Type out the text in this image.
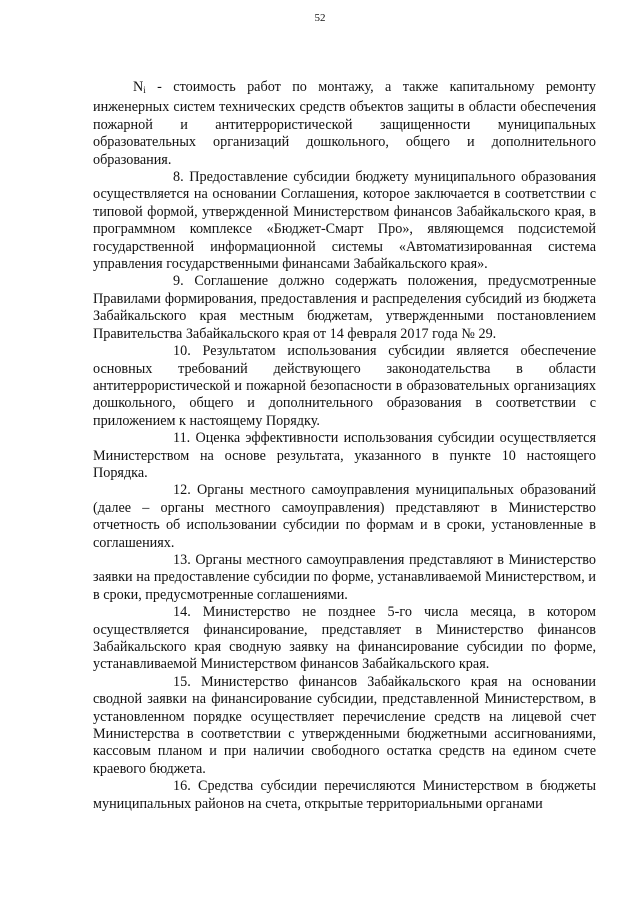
52

$N_i$ - стоимость работ по монтажу, а также капитальному ремонту инженерных систем технических средств объектов защиты в области обеспечения пожарной и антитеррористической защищенности муниципальных образовательных организаций дошкольного, общего и дополнительного образования.

8. Предоставление субсидии бюджету муниципального образования осуществляется на основании Соглашения, которое заключается в соответствии с типовой формой, утвержденной Министерством финансов Забайкальского края, в программном комплексе «Бюджет-Смарт Про», являющемся подсистемой государственной информационной системы «Автоматизированная система управления государственными финансами Забайкальского края».

9. Соглашение должно содержать положения, предусмотренные Правилами формирования, предоставления и распределения субсидий из бюджета Забайкальского края местным бюджетам, утвержденными постановлением Правительства Забайкальского края от 14 февраля 2017 года № 29.

10. Результатом использования субсидии является обеспечение основных требований действующего законодательства в области антитеррористической и пожарной безопасности в образовательных организациях дошкольного, общего и дополнительного образования в соответствии с приложением к настоящему Порядку.

11. Оценка эффективности использования субсидии осуществляется Министерством на основе результата, указанного в пункте 10 настоящего Порядка.

12. Органы местного самоуправления муниципальных образований (далее – органы местного самоуправления) представляют в Министерство отчетность об использовании субсидии по формам и в сроки, установленные в соглашениях.

13. Органы местного самоуправления представляют в Министерство заявки на предоставление субсидии по форме, устанавливаемой Министерством, и в сроки, предусмотренные соглашениями.

14. Министерство не позднее 5-го числа месяца, в котором осуществляется финансирование, представляет в Министерство финансов Забайкальского края сводную заявку на финансирование субсидии по форме, устанавливаемой Министерством финансов Забайкальского края.

15. Министерство финансов Забайкальского края на основании сводной заявки на финансирование субсидии, представленной Министерством, в установленном порядке осуществляет перечисление средств на лицевой счет Министерства в соответствии с утвержденными бюджетными ассигнованиями, кассовым планом и при наличии свободного остатка средств на едином счете краевого бюджета.

16. Средства субсидии перечисляются Министерством в бюджеты муниципальных районов на счета, открытые территориальными органами
